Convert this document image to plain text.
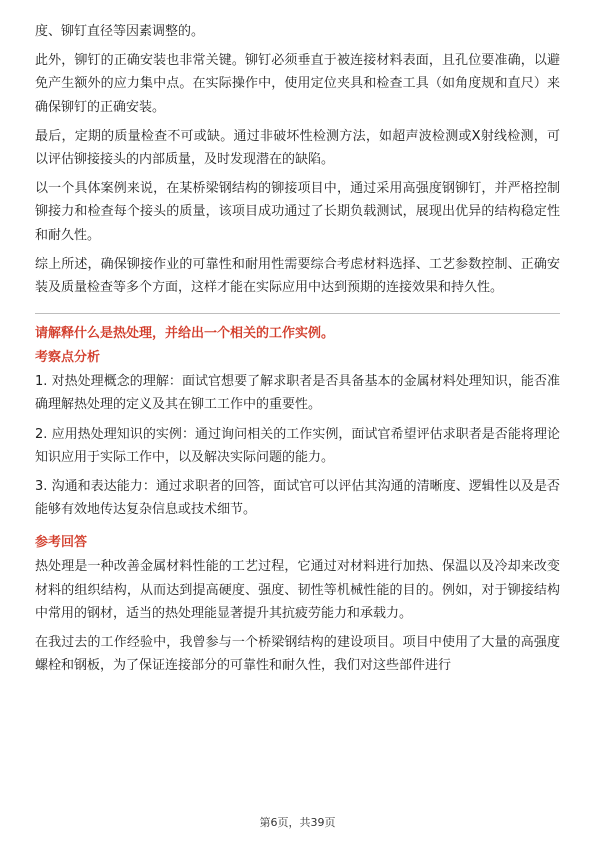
度、铆钉直径等因素调整的。

此外，铆钉的正确安装也非常关键。铆钉必须垂直于被连接材料表面，且孔位要准确，以避免产生额外的应力集中点。在实际操作中，使用定位夹具和检查工具（如角度规和直尺）来确保铆钉的正确安装。

最后，定期的质量检查不可或缺。通过非破坏性检测方法，如超声波检测或X射线检测，可以评估铆接接头的内部质量，及时发现潜在的缺陷。

以一个具体案例来说，在某桥梁钢结构的铆接项目中，通过采用高强度钢铆钉，并严格控制铆接力和检查每个接头的质量，该项目成功通过了长期负载测试，展现出优异的结构稳定性和耐久性。

综上所述，确保铆接作业的可靠性和耐用性需要综合考虑材料选择、工艺参数控制、正确安装及质量检查等多个方面，这样才能在实际应用中达到预期的连接效果和持久性。

请解释什么是热处理，并给出一个相关的工作实例。
考察点分析

1. 对热处理概念的理解：面试官想要了解求职者是否具备基本的金属材料处理知识，能否准确理解热处理的定义及其在铆工工作中的重要性。

2. 应用热处理知识的实例：通过询问相关的工作实例，面试官希望评估求职者是否能将理论知识应用于实际工作中，以及解决实际问题的能力。

3. 沟通和表达能力：通过求职者的回答，面试官可以评估其沟通的清晰度、逻辑性以及是否能够有效地传达复杂信息或技术细节。

参考回答

热处理是一种改善金属材料性能的工艺过程，它通过对材料进行加热、保温以及冷却来改变材料的组织结构，从而达到提高硬度、强度、韧性等机械性能的目的。例如，对于铆接结构中常用的钢材，适当的热处理能显著提升其抗疲劳能力和承载力。

在我过去的工作经验中，我曾参与一个桥梁钢结构的建设项目。项目中使用了大量的高强度螺栓和钢板，为了保证连接部分的可靠性和耐久性，我们对这些部件进行

第6页，共39页
